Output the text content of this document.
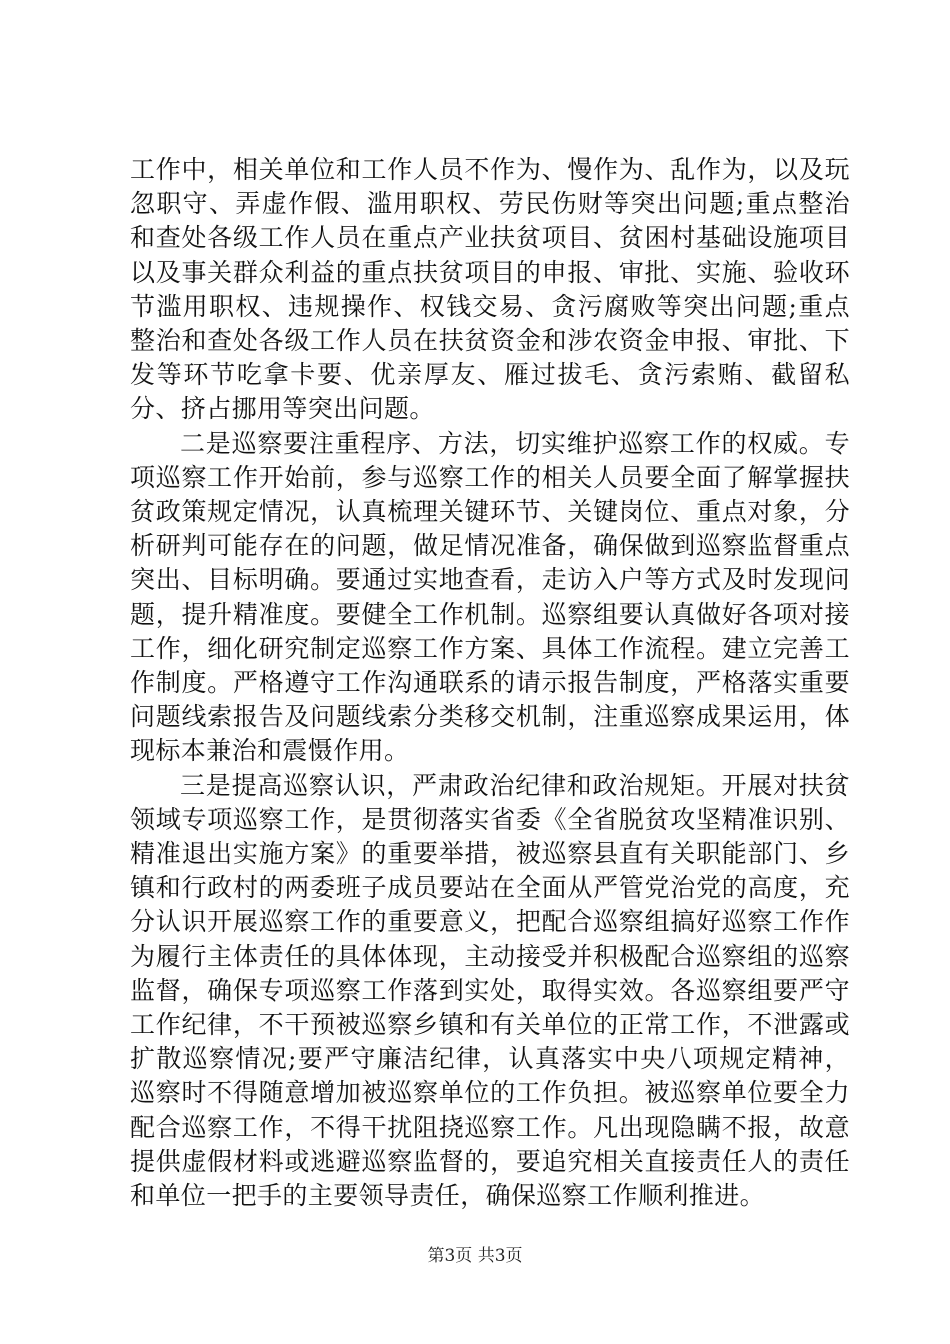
工作中，相关单位和工作人员不作为、慢作为、乱作为，以及玩忽职守、弄虚作假、滥用职权、劳民伤财等突出问题;重点整治和查处各级工作人员在重点产业扶贫项目、贫困村基础设施项目以及事关群众利益的重点扶贫项目的申报、审批、实施、验收环节滥用职权、违规操作、权钱交易、贪污腐败等突出问题;重点整治和查处各级工作人员在扶贫资金和涉农资金申报、审批、下发等环节吃拿卡要、优亲厚友、雁过拔毛、贪污索贿、截留私分、挤占挪用等突出问题。

二是巡察要注重程序、方法，切实维护巡察工作的权威。专项巡察工作开始前，参与巡察工作的相关人员要全面了解掌握扶贫政策规定情况，认真梳理关键环节、关键岗位、重点对象，分析研判可能存在的问题，做足情况准备，确保做到巡察监督重点突出、目标明确。要通过实地查看，走访入户等方式及时发现问题，提升精准度。要健全工作机制。巡察组要认真做好各项对接工作，细化研究制定巡察工作方案、具体工作流程。建立完善工作制度。严格遵守工作沟通联系的请示报告制度，严格落实重要问题线索报告及问题线索分类移交机制，注重巡察成果运用，体现标本兼治和震慑作用。

三是提高巡察认识，严肃政治纪律和政治规矩。开展对扶贫领域专项巡察工作，是贯彻落实省委《全省脱贫攻坚精准识别、精准退出实施方案》的重要举措，被巡察县直有关职能部门、乡镇和行政村的两委班子成员要站在全面从严管党治党的高度，充分认识开展巡察工作的重要意义，把配合巡察组搞好巡察工作作为履行主体责任的具体体现，主动接受并积极配合巡察组的巡察监督，确保专项巡察工作落到实处，取得实效。各巡察组要严守工作纪律，不干预被巡察乡镇和有关单位的正常工作，不泄露或扩散巡察情况;要严守廉洁纪律，认真落实中央八项规定精神，巡察时不得随意增加被巡察单位的工作负担。被巡察单位要全力配合巡察工作，不得干扰阻挠巡察工作。凡出现隐瞒不报，故意提供虚假材料或逃避巡察监督的，要追究相关直接责任人的责任和单位一把手的主要领导责任，确保巡察工作顺利推进。

第3页 共3页
